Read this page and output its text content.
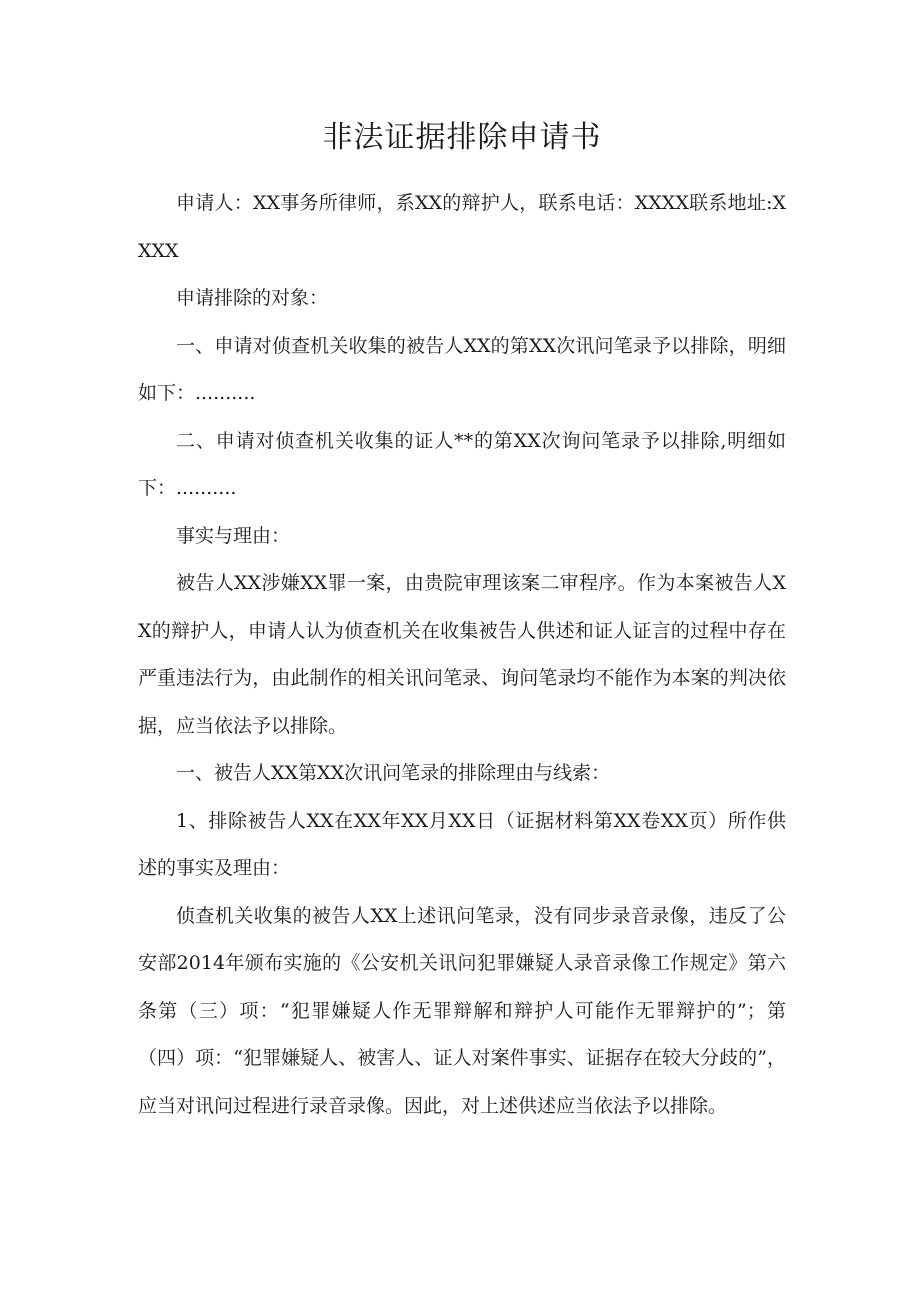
非法证据排除申请书

申请人：XX事务所律师，系XX的辩护人，联系电话：XXXX联系地址:XXXX

申请排除的对象：

一、申请对侦查机关收集的被告人XX的第XX次讯问笔录予以排除，明细如下：..........

二、申请对侦查机关收集的证人**的第XX次询问笔录予以排除,明细如下：..........

事实与理由：

被告人XX涉嫌XX罪一案，由贵院审理该案二审程序。作为本案被告人XX的辩护人，申请人认为侦查机关在收集被告人供述和证人证言的过程中存在严重违法行为，由此制作的相关讯问笔录、询问笔录均不能作为本案的判决依据，应当依法予以排除。

一、被告人XX第XX次讯问笔录的排除理由与线索：

1、排除被告人XX在XX年XX月XX日（证据材料第XX卷XX页）所作供述的事实及理由：

侦查机关收集的被告人XX上述讯问笔录，没有同步录音录像，违反了公安部2014年颁布实施的《公安机关讯问犯罪嫌疑人录音录像工作规定》第六条第（三）项：“犯罪嫌疑人作无罪辩解和辩护人可能作无罪辩护的”；第（四）项：“犯罪嫌疑人、被害人、证人对案件事实、证据存在较大分歧的”，应当对讯问过程进行录音录像。因此，对上述供述应当依法予以排除。
